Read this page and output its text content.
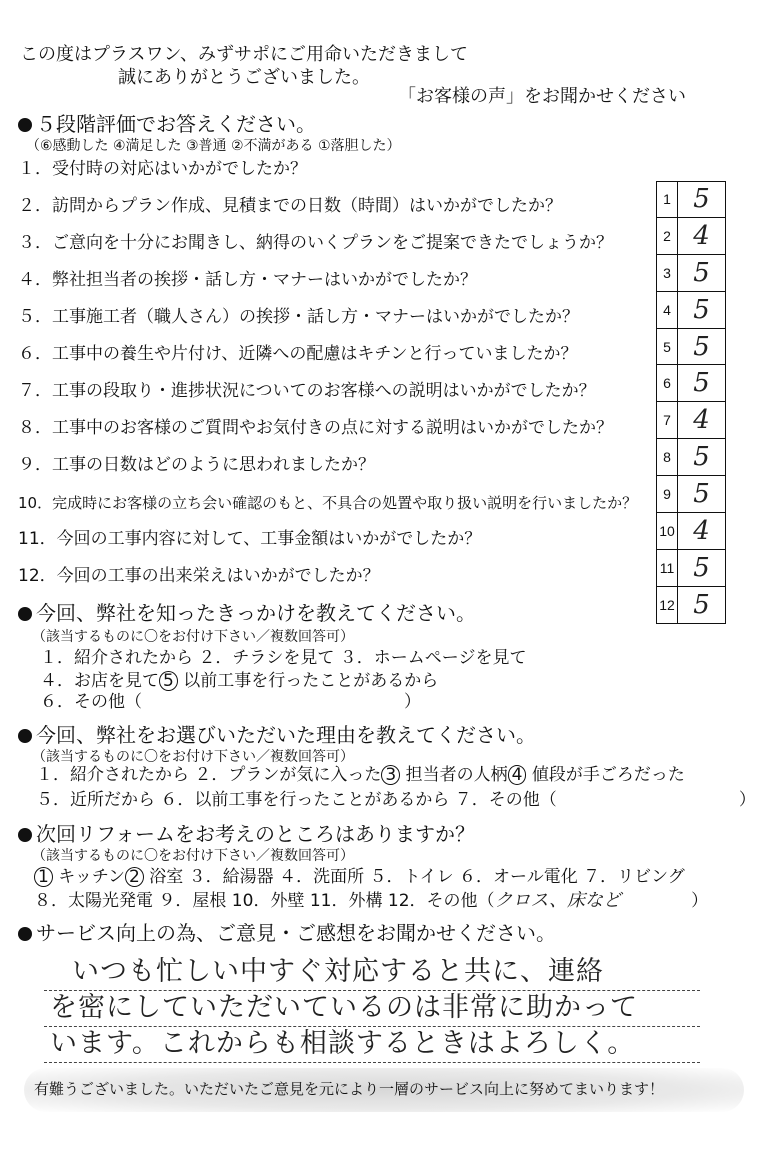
この度はプラスワン、みずサポにご用命いただきまして
誠にありがとうございました。
「お客様の声」をお聞かせください
５段階評価でお答えください。
（⑥感動した ④満足した ③普通 ②不満がある ①落胆した）
１．受付時の対応はいかがでしたか？
２．訪問からプラン作成、見積までの日数（時間）はいかがでしたか？
３．ご意向を十分にお聞きし、納得のいくプランをご提案できたでしょうか？
４．弊社担当者の挨拶・話し方・マナーはいかがでしたか？
５．工事施工者（職人さん）の挨拶・話し方・マナーはいかがでしたか？
６．工事中の養生や片付け、近隣への配慮はキチンと行っていましたか？
７．工事の段取り・進捗状況についてのお客様への説明はいかがでしたか？
８．工事中のお客様のご質問やお気付きの点に対する説明はいかがでしたか？
９．工事の日数はどのように思われましたか？
10．完成時にお客様の立ち会い確認のもと、不具合の処置や取り扱い説明を行いましたか？
11．今回の工事内容に対して、工事金額はいかがでしたか？
12．今回の工事の出来栄えはいかがでしたか？
1 5
2 4
3 5
4 5
5 5
6 5
7 4
8 5
9 5
10 4
11 5
12 5
今回、弊社を知ったきっかけを教えてください。
（該当するものに〇をお付け下さい／複数回答可）
１．紹介されたから ２．チラシを見て ３．ホームページを見て
４．お店を見て 5 以前工事を行ったことがあるから
６．その他（	）
今回、弊社をお選びいただいた理由を教えてください。
（該当するものに〇をお付け下さい／複数回答可）
１．紹介されたから ２．プランが気に入った 3 担当者の人柄 4 値段が手ごろだった
５．近所だから ６．以前工事を行ったことがあるから ７．その他（	）
次回リフォームをお考えのところはありますか？
（該当するものに〇をお付け下さい／複数回答可）
1 キッチン 2 浴室 ３．給湯器 ４．洗面所 ５．トイレ ６．オール電化 ７．リビング
８．太陽光発電 ９．屋根 10．外壁 11．外構 12．その他（クロス、床など	）
サービス向上の為、ご意見・ご感想をお聞かせください。
いつも忙しい中すぐ対応すると共に、連絡
を密にしていただいているのは非常に助かって
います。これからも相談するときはよろしく。
有難うございました。いただいたご意見を元により一層のサービス向上に努めてまいります！
